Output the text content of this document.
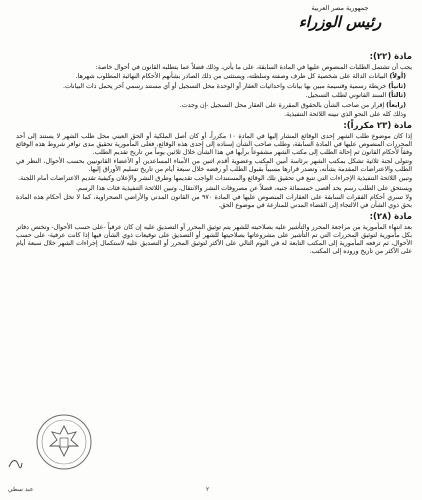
جمهورية مصر العربية
رئيس الوزراء
مادة (٢٢):

يجب أن تشتمل الطلبات المنصوص عليها في المادة السابقة، على ما يأتي، وذلك فضلاً عما يتطلبه القانون في أحوال خاصة:

(أولاً) البيانات الدالة على شخصية كل طرف وصفته وسلطته، ويستثنى من ذلك الصادر بشأنهم الأحكام النهائية المطلوب شهرها.

(ثانياً) خريطة رسمية وقسيمة مبين بها بيانات واحداثيات العقار أو الوحدة محل التسجيل أو أي مستند رسمي آخر يحمل ذات البيانات.

(ثالثاً) السند القانوني لطلب التسجيل.

(رابعاً) إقرار من صاحب الشأن بالحقوق المقررة على العقار محل التسجيل -إن وجدت.

وذلك كله على النحو الذي تبينه اللائحة التنفيذية.

مادة (٢٣ مكرراً):

إذا كان موضوع طلب الشهر إحدى الوقائع المشار إليها في المادة ١٠ مكرراً، أو كان أصل الملكية أو الحق العيني محل طلب الشهر لا يستند إلى أحد المحررات المنصوص عليها في المادة السابقة، وطلب صاحب الشأن إسناده إلى إحدى هذه الوقائع، فعلى المأمورية تحقيق مدى توافر شروط هذه الوقائع وفقاً لأحكام القانون ثم إحالة الطلب إلى مكتب الشهر مشفوعاً برأيها في هذا الشأن خلال ثلاثين يوماً من تاريخ تقديم الطلب.

وتتولى لجنة ثلاثية تشكل بمكتب الشهر برئاسة أمين المكتب وعضوية أقدم اثنين من الأمناء المساعدين أو الأعضاء القانونيين بحسب الأحوال، النظر في الطلب والاعتراضات المقدمة بشأنه، وتصدر قرارها مسبباً بقبول الطلب أو رفضه خلال سبعة أيام من تاريخ تسليم الأوراق إليها.

وتبين اللائحة التنفيذية الإجراءات التي تتبع في تحقيق تلك الوقائع والمستندات الواجب تقديمها وطرق النشر والإعلان وكيفية تقديم الاعتراضات أمام اللجنة.

ويستحق على الطلب رسم بحد أقصى خمسمائة جنيه، فضلاً عن مصروفات النشر والانتقال، وتبين اللائحة التنفيذية فئات هذا الرسم.

ولا تسري أحكام الفقرات السابقة على العقارات المنصوص عليها في المادة ٩٧٠ من القانون المدني والأراضي الصحراوية، كما لا تخل أحكام هذه المادة بحق ذوي الشأن في الالتجاء إلى القضاء المدني للمنازعة في موضوع الحق.

مادة (٢٨):

بعد انتهاء المأمورية من مراجعة المحرر والتأشير عليه بصلاحيته للشهر يتم توثيق المحرر أو التصديق عليه إن كان عرفياً -على حسب الأحوال- وتختص دفاتر بكل مأمورية لتوثيق المحررات التي تم التأشير على مشروعاتها بصلاحيتها للشهر أو التصديق على توقيعات ذوي الشأن فيها إذا كانت عرفية- على حسب الأحوال، ثم ترفعه المأمورية إلى المكتب التابعة له في اليوم التالي على الأكثر لتوثيق المحرر أو التصديق عليه لاستكمال إجراءات الشهر خلال سبعة أيام على الأكثر من تاريخ وروده إلى المكتب.

عبد سطي	٢
